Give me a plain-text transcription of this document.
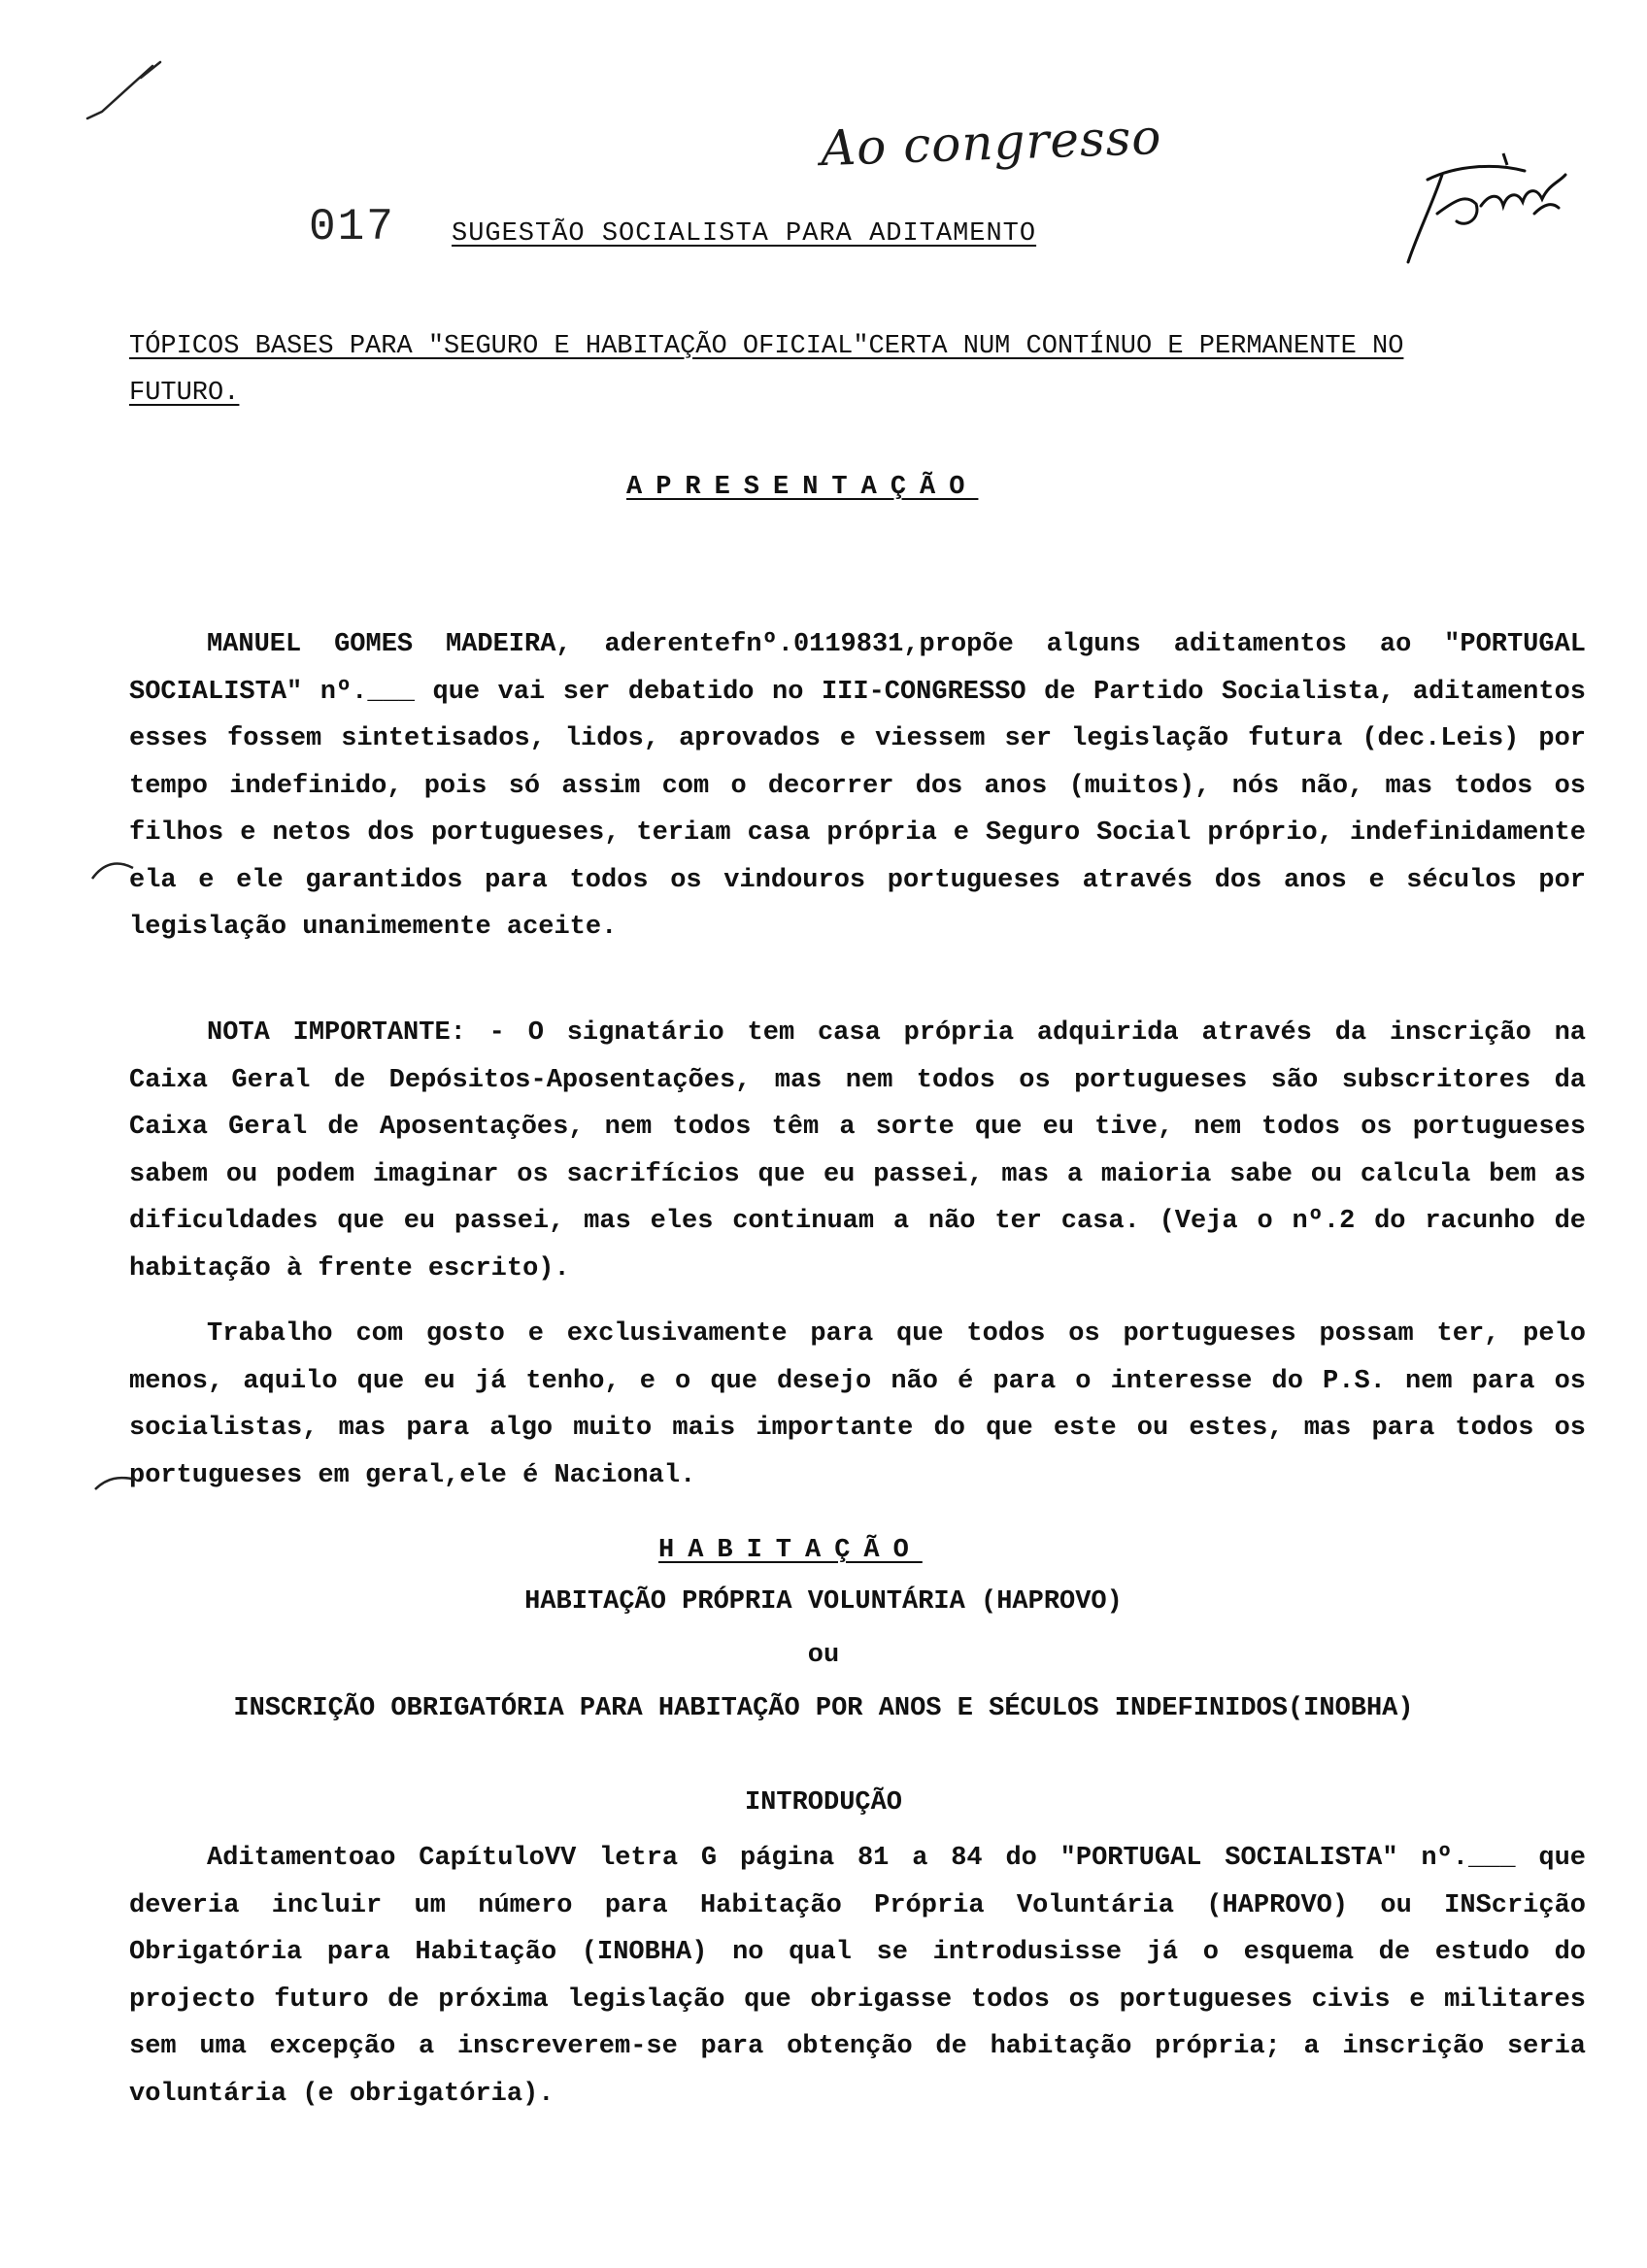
Ao congresso
017 SUGESTÃO SOCIALISTA PARA ADITAMENTO
TÓPICOS BASES PARA "SEGURO E HABITAÇÃO OFICIAL"CERTA NUM CONTÍNUO E PERMANENTE NO FUTURO.
APRESENTAÇÃO

MANUEL GOMES MADEIRA, aderentefnº.0119831,propõe alguns aditamentos ao "PORTUGAL SOCIALISTA" nº.___ que vai ser debatido no III-CONGRESSO de Partido Socialista, aditamentos esses fossem sintetisados, lidos, aprovados e viessem ser legislação futura (dec.Leis) por tempo indefinido, pois só assim com o decorrer dos anos (muitos), nós não, mas todos os filhos e netos dos portugueses, teriam casa própria e Seguro Social próprio, indefinidamente ela e ele garantidos para todos os vindouros portugueses através dos anos e séculos por legislação unanimemente aceite.

NOTA IMPORTANTE: - O signatário tem casa própria adquirida através da inscrição na Caixa Geral de Depósitos-Aposentações, mas nem todos os portugueses são subscritores da Caixa Geral de Aposentações, nem todos têm a sorte que eu tive, nem todos os portugueses sabem ou podem imaginar os sacrifícios que eu passei, mas a maioria sabe ou calcula bem as dificuldades que eu passei, mas eles continuam a não ter casa. (Veja o nº.2 do racunho de habitação à frente escrito).

Trabalho com gosto e exclusivamente para que todos os portugueses possam ter, pelo menos, aquilo que eu já tenho, e o que desejo não é para o interesse do P.S. nem para os socialistas, mas para algo muito mais importante do que este ou estes, mas para todos os portugueses em geral,ele é Nacional.

HABITAÇÃO
HABITAÇÃO PRÓPRIA VOLUNTÁRIA (HAPROVO)
ou
INSCRIÇÃO OBRIGATÓRIA PARA HABITAÇÃO POR ANOS E SÉCULOS INDEFINIDOS(INOBHA)
INTRODUÇÃO

Aditamentoao CapítuloVV letra G página 81 a 84 do "PORTUGAL SOCIALISTA" nº.___ que deveria incluir um número para Habitação Própria Voluntária (HAPROVO) ou INScrição Obrigatória para Habitação (INOBHA) no qual se introdusisse já o esquema de estudo do projecto futuro de próxima legislação que obrigasse todos os portugueses civis e militares sem uma excepção a inscreverem-se para obtenção de habitação própria; a inscrição seria voluntária (e obrigatória).
